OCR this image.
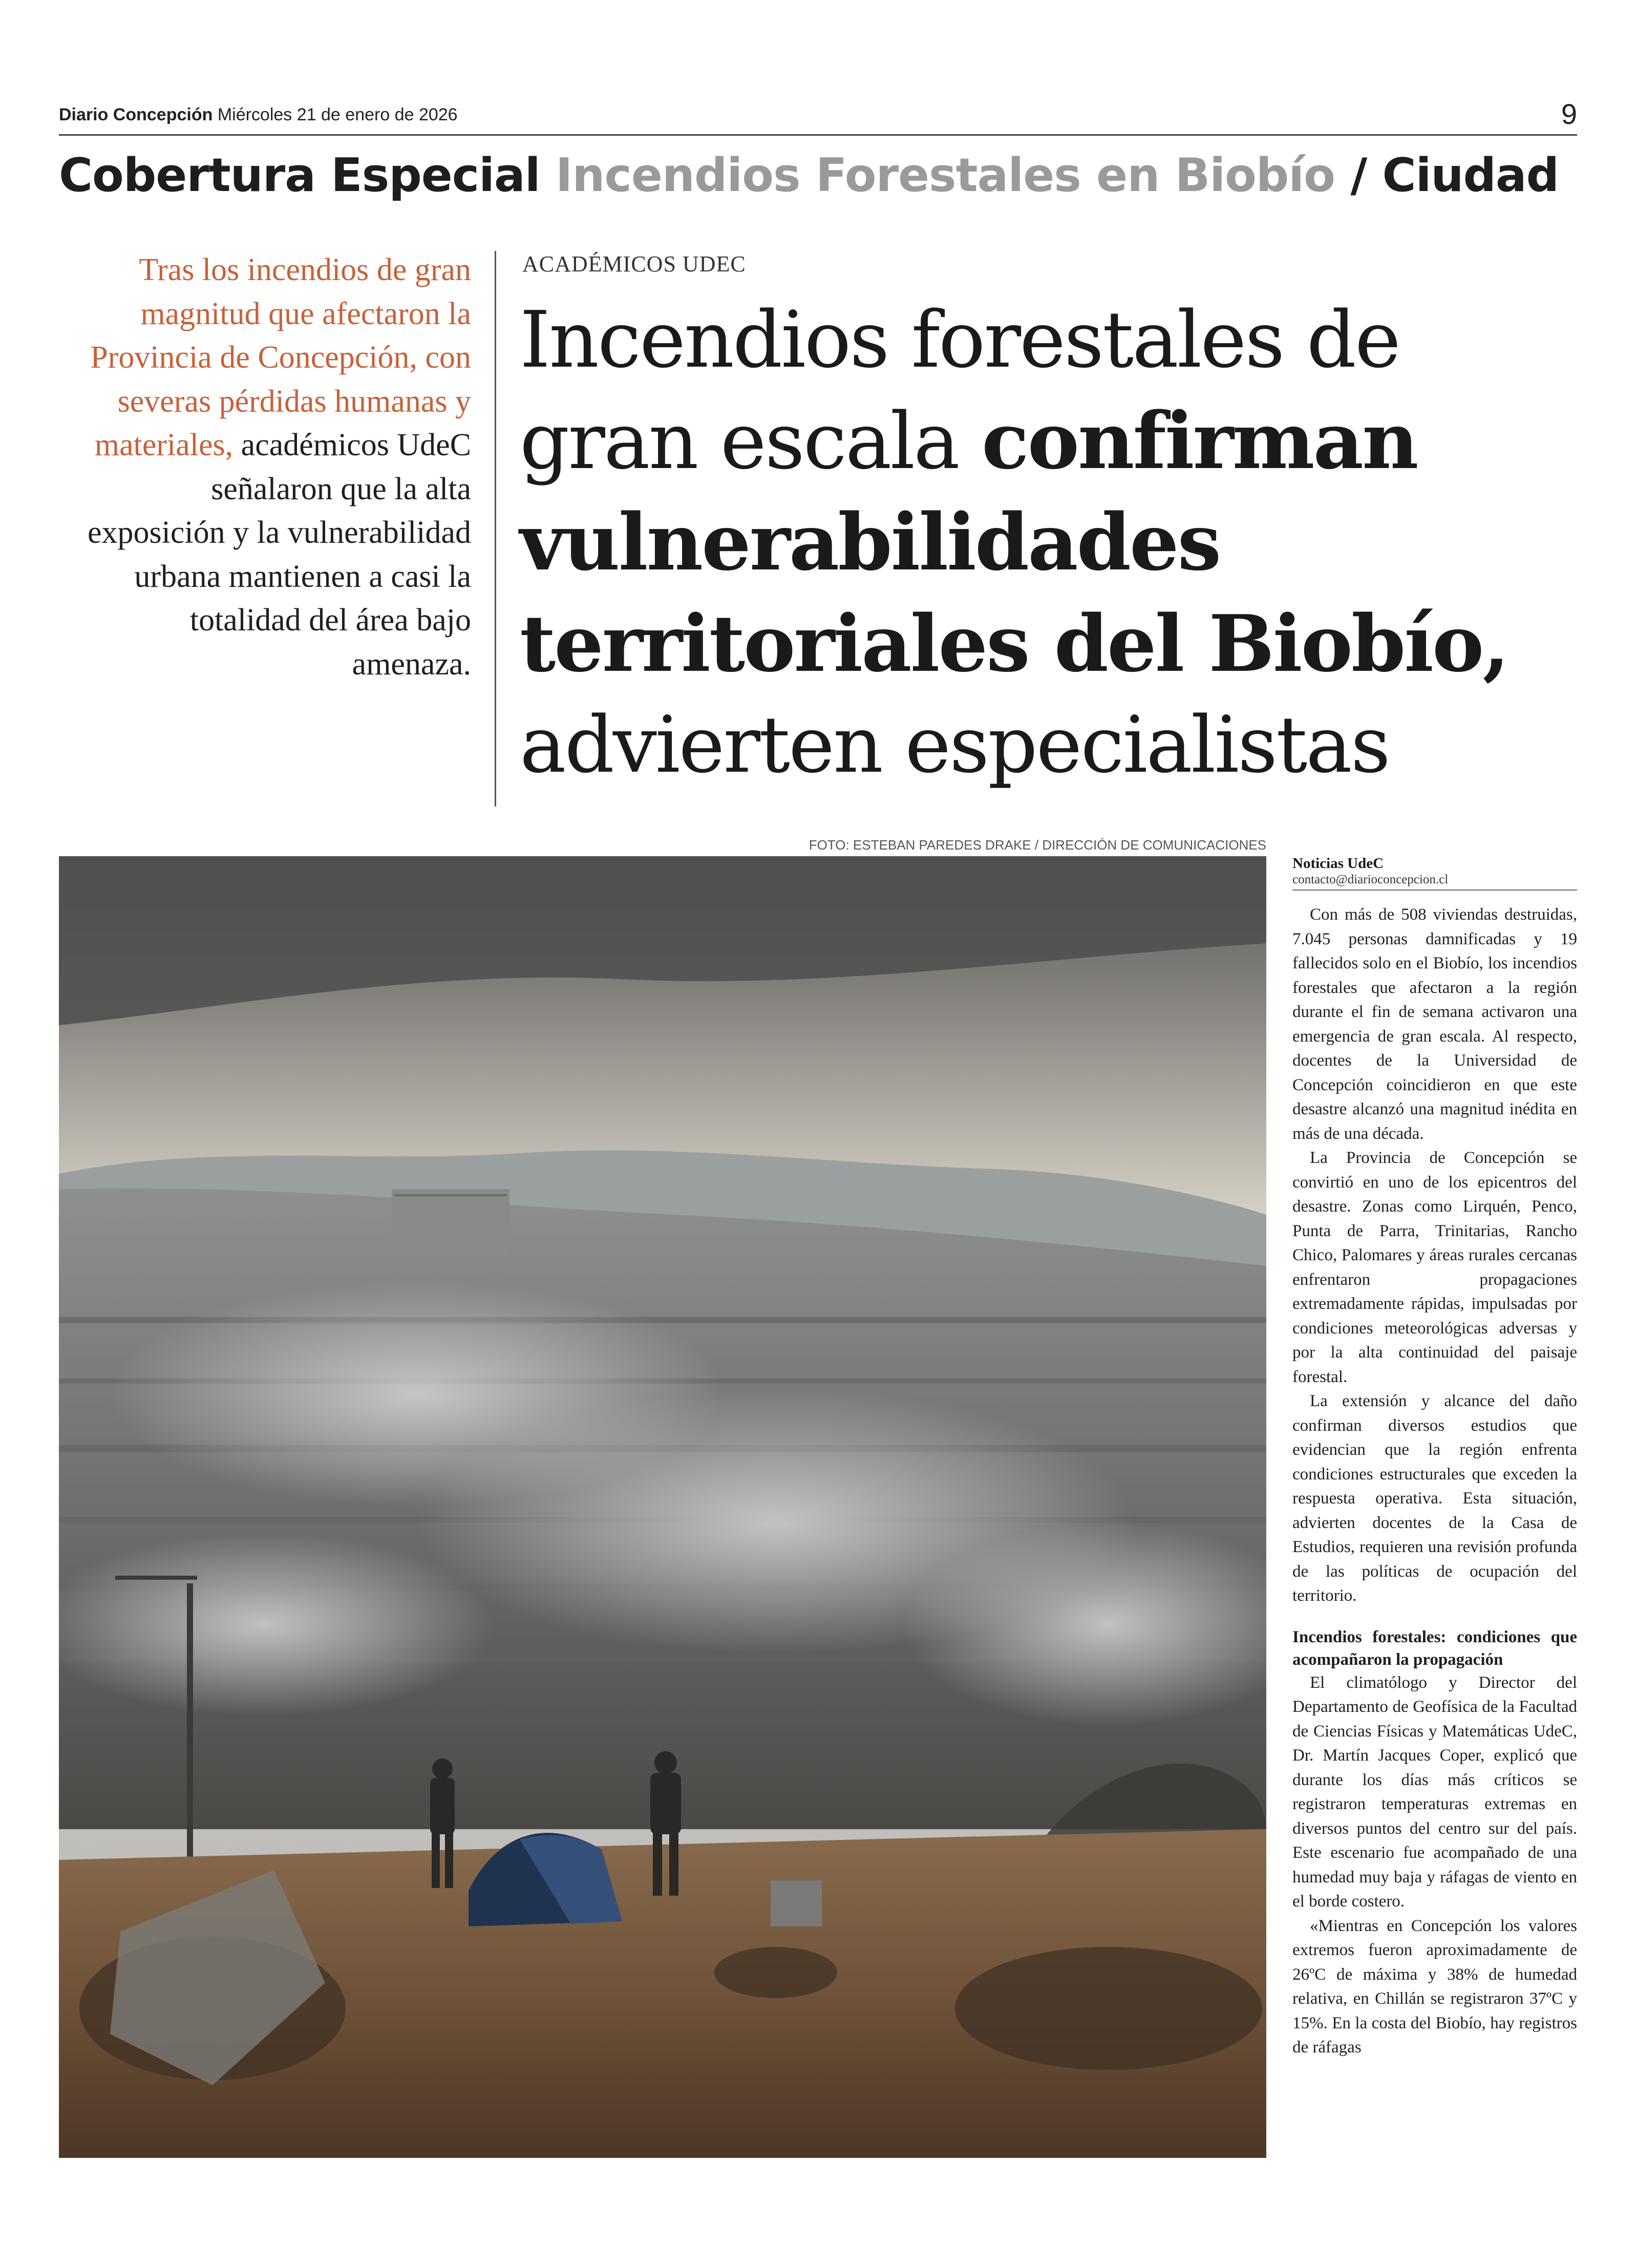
Diario Concepción Miércoles 21 de enero de 2026	9
Cobertura Especial Incendios Forestales en Biobío / Ciudad
Tras los incendios de gran magnitud que afectaron la Provincia de Concepción, con severas pérdidas humanas y materiales, académicos UdeC señalaron que la alta exposición y la vulnerabilidad urbana mantienen a casi la totalidad del área bajo amenaza.
ACADÉMICOS UDEC
Incendios forestales de gran escala confirman vulnerabilidades territoriales del Biobío, advierten especialistas
FOTO: ESTEBAN PAREDES DRAKE / DIRECCIÓN DE COMUNICACIONES
Noticias UdeC
contacto@diarioconcepcion.cl

Con más de 508 viviendas destruidas, 7.045 personas damnificadas y 19 fallecidos solo en el Biobío, los incendios forestales que afectaron a la región durante el fin de semana activaron una emergencia de gran escala. Al respecto, docentes de la Universidad de Concepción coincidieron en que este desastre alcanzó una magnitud inédita en más de una década.

La Provincia de Concepción se convirtió en uno de los epicentros del desastre. Zonas como Lirquén, Penco, Punta de Parra, Trinitarias, Rancho Chico, Palomares y áreas rurales cercanas enfrentaron propagaciones extremadamente rápidas, impulsadas por condiciones meteorológicas adversas y por la alta continuidad del paisaje forestal.

La extensión y alcance del daño confirman diversos estudios que evidencian que la región enfrenta condiciones estructurales que exceden la respuesta operativa. Esta situación, advierten docentes de la Casa de Estudios, requieren una revisión profunda de las políticas de ocupación del territorio.

Incendios forestales: condiciones que acompañaron la propagación

El climatólogo y Director del Departamento de Geofísica de la Facultad de Ciencias Físicas y Matemáticas UdeC, Dr. Martín Jacques Coper, explicó que durante los días más críticos se registraron temperaturas extremas en diversos puntos del centro sur del país. Este escenario fue acompañado de una humedad muy baja y ráfagas de viento en el borde costero.

«Mientras en Concepción los valores extremos fueron aproximadamente de 26ºC de máxima y 38% de humedad relativa, en Chillán se registraron 37ºC y 15%. En la costa del Biobío, hay registros de ráfagas
